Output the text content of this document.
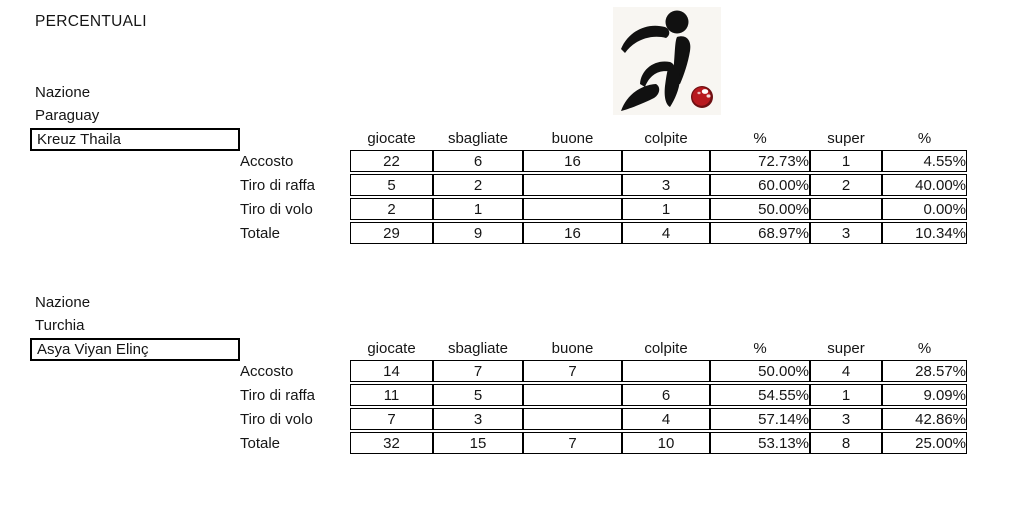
PERCENTUALI
Nazione
Paraguay
Kreuz Thaila
		giocate	sbagliate	buone	colpite	%	super	%
Accosto	22	6	16		72.73%	1	4.55%
Tiro di raffa	5	2		3	60.00%	2	40.00%
Tiro di volo	2	1		1	50.00%		0.00%
Totale	29	9	16	4	68.97%	3	10.34%
Nazione
Turchia
Asya Viyan Elinç
		giocate	sbagliate	buone	colpite	%	super	%
Accosto	14	7	7		50.00%	4	28.57%
Tiro di raffa	11	5		6	54.55%	1	9.09%
Tiro di volo	7	3		4	57.14%	3	42.86%
Totale	32	15	7	10	53.13%	8	25.00%
